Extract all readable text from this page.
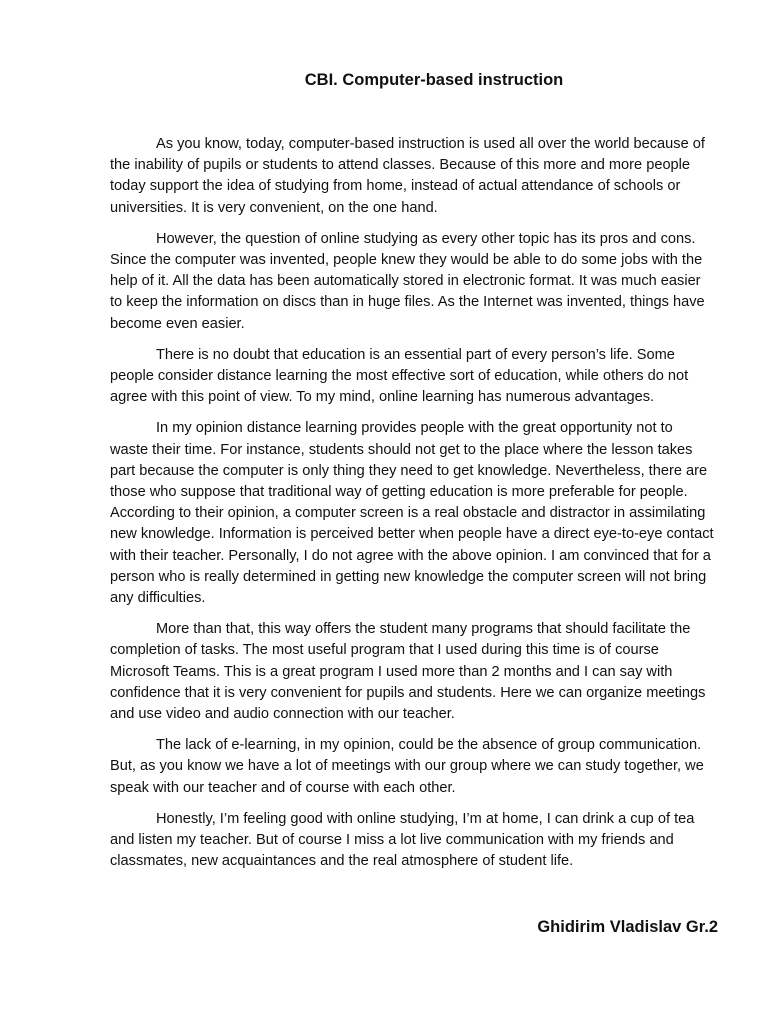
CBI. Computer-based instruction

As you know, today, computer-based instruction is used all over the world because of the inability of pupils or students to attend classes. Because of this more and more people today support the idea of studying from home, instead of actual attendance of schools or universities. It is very convenient, on the one hand.

However, the question of online studying as every other topic has its pros and cons. Since the computer was invented, people knew they would be able to do some jobs with the help of it. All the data has been automatically stored in electronic format. It was much easier to keep the information on discs than in huge files. As the Internet was invented, things have become even easier.

There is no doubt that education is an essential part of every person’s life. Some people consider distance learning the most effective sort of education, while others do not agree with this point of view. To my mind, online learning has numerous advantages.

In my opinion distance learning provides people with the great opportunity not to waste their time. For instance, students should not get to the place where the lesson takes part because the computer is only thing they need to get knowledge. Nevertheless, there are those who suppose that traditional way of getting education is more preferable for people. According to their opinion, a computer screen is a real obstacle and distractor in assimilating new knowledge. Information is perceived better when people have a direct eye-to-eye contact with their teacher. Personally, I do not agree with the above opinion. I am convinced that for a person who is really determined in getting new knowledge the computer screen will not bring any difficulties.

More than that, this way offers the student many programs that should facilitate the completion of tasks. The most useful program that I used during this time is of course Microsoft Teams. This is a great program I used more than 2 months and I can say with confidence that it is very convenient for pupils and students. Here we can organize meetings and use video and audio connection with our teacher.

The lack of e-learning, in my opinion, could be the absence of group communication. But, as you know we have a lot of meetings with our group where we can study together, we speak with our teacher and of course with each other.

Honestly, I’m feeling good with online studying, I’m at home, I can drink a cup of tea and listen my teacher. But of course I miss a lot live communication with my friends and classmates, new acquaintances and the real atmosphere of student life.

Ghidirim Vladislav Gr.2
